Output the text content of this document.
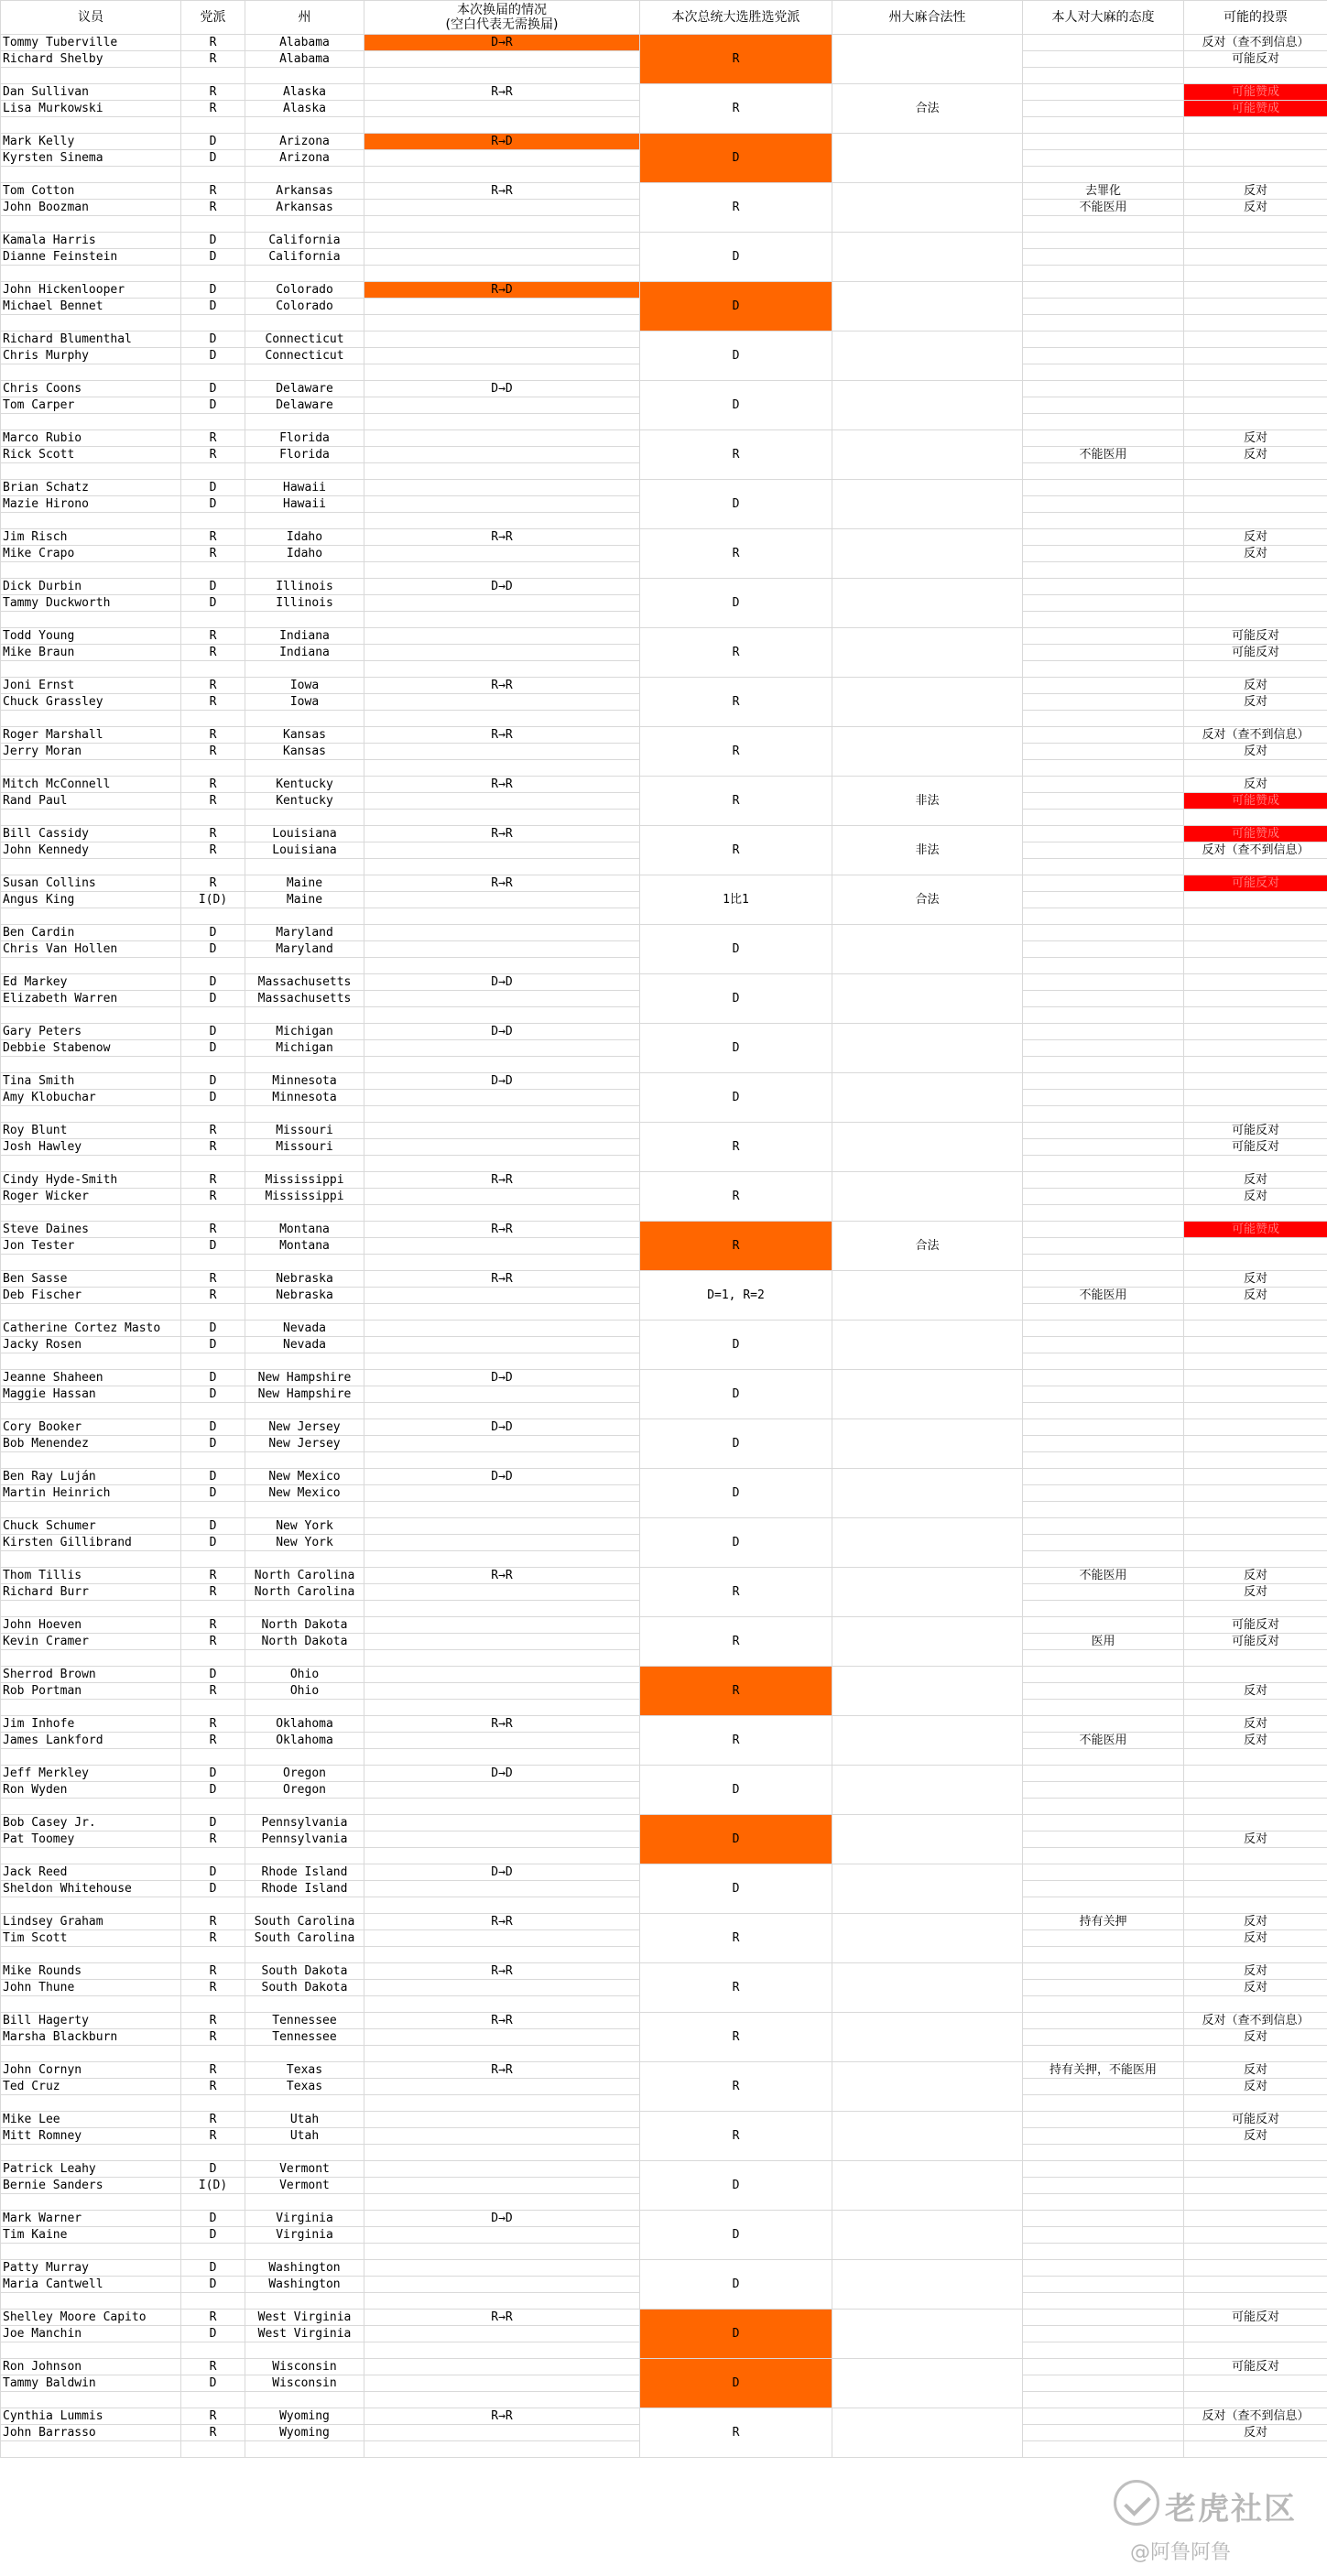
议员	党派	州	本次换届的情况
(空白代表无需换届)	本次总统大选胜选党派	州大麻合法性	本人对大麻的态度	可能的投票
Tommy Tuberville	R	Alabama	D→R	R			反对（查不到信息）
Richard Shelby	R	Alabama					可能反对

Dan Sullivan	R	Alaska	R→R	R	合法		可能赞成
Lisa Murkowski	R	Alaska					可能赞成

Mark Kelly	D	Arizona	R→D	D			
Kyrsten Sinema	D	Arizona					

Tom Cotton	R	Arkansas	R→R	R		去罪化	反对
John Boozman	R	Arkansas				不能医用	反对

Kamala Harris	D	California		D			
Dianne Feinstein	D	California					

John Hickenlooper	D	Colorado	R→D	D			
Michael Bennet	D	Colorado					

Richard Blumenthal	D	Connecticut		D			
Chris Murphy	D	Connecticut					

Chris Coons	D	Delaware	D→D	D			
Tom Carper	D	Delaware					

Marco Rubio	R	Florida		R			反对
Rick Scott	R	Florida				不能医用	反对

Brian Schatz	D	Hawaii		D			
Mazie Hirono	D	Hawaii					

Jim Risch	R	Idaho	R→R	R			反对
Mike Crapo	R	Idaho					反对

Dick Durbin	D	Illinois	D→D	D			
Tammy Duckworth	D	Illinois					

Todd Young	R	Indiana		R			可能反对
Mike Braun	R	Indiana					可能反对

Joni Ernst	R	Iowa	R→R	R			反对
Chuck Grassley	R	Iowa					反对

Roger Marshall	R	Kansas	R→R	R			反对（查不到信息）
Jerry Moran	R	Kansas					反对

Mitch McConnell	R	Kentucky	R→R	R	非法		反对
Rand Paul	R	Kentucky					可能赞成

Bill Cassidy	R	Louisiana	R→R	R	非法		可能赞成
John Kennedy	R	Louisiana					反对（查不到信息）

Susan Collins	R	Maine	R→R	1比1	合法		可能反对
Angus King	I(D)	Maine					

Ben Cardin	D	Maryland		D			
Chris Van Hollen	D	Maryland					

Ed Markey	D	Massachusetts	D→D	D			
Elizabeth Warren	D	Massachusetts					

Gary Peters	D	Michigan	D→D	D			
Debbie Stabenow	D	Michigan					

Tina Smith	D	Minnesota	D→D	D			
Amy Klobuchar	D	Minnesota					

Roy Blunt	R	Missouri		R			可能反对
Josh Hawley	R	Missouri					可能反对

Cindy Hyde-Smith	R	Mississippi	R→R	R			反对
Roger Wicker	R	Mississippi					反对

Steve Daines	R	Montana	R→R	R	合法		可能赞成
Jon Tester	D	Montana					

Ben Sasse	R	Nebraska	R→R	D=1, R=2			反对
Deb Fischer	R	Nebraska				不能医用	反对

Catherine Cortez Masto	D	Nevada		D			
Jacky Rosen	D	Nevada					

Jeanne Shaheen	D	New Hampshire	D→D	D			
Maggie Hassan	D	New Hampshire					

Cory Booker	D	New Jersey	D→D	D			
Bob Menendez	D	New Jersey					

Ben Ray Luján	D	New Mexico	D→D	D			
Martin Heinrich	D	New Mexico					

Chuck Schumer	D	New York		D			
Kirsten Gillibrand	D	New York					

Thom Tillis	R	North Carolina	R→R	R		不能医用	反对
Richard Burr	R	North Carolina					反对

John Hoeven	R	North Dakota		R			可能反对
Kevin Cramer	R	North Dakota				医用	可能反对

Sherrod Brown	D	Ohio		R			
Rob Portman	R	Ohio					反对

Jim Inhofe	R	Oklahoma	R→R	R			反对
James Lankford	R	Oklahoma				不能医用	反对

Jeff Merkley	D	Oregon	D→D	D			
Ron Wyden	D	Oregon					

Bob Casey Jr.	D	Pennsylvania		D			
Pat Toomey	R	Pennsylvania					反对

Jack Reed	D	Rhode Island	D→D	D			
Sheldon Whitehouse	D	Rhode Island					

Lindsey Graham	R	South Carolina	R→R	R		持有关押	反对
Tim Scott	R	South Carolina					反对

Mike Rounds	R	South Dakota	R→R	R			反对
John Thune	R	South Dakota					反对

Bill Hagerty	R	Tennessee	R→R	R			反对（查不到信息）
Marsha Blackburn	R	Tennessee					反对

John Cornyn	R	Texas	R→R	R		持有关押，不能医用	反对
Ted Cruz	R	Texas					反对

Mike Lee	R	Utah		R			可能反对
Mitt Romney	R	Utah					反对

Patrick Leahy	D	Vermont		D			
Bernie Sanders	I(D)	Vermont					

Mark Warner	D	Virginia	D→D	D			
Tim Kaine	D	Virginia					

Patty Murray	D	Washington		D			
Maria Cantwell	D	Washington					

Shelley Moore Capito	R	West Virginia	R→R	D			可能反对
Joe Manchin	D	West Virginia					

Ron Johnson	R	Wisconsin		D			可能反对
Tammy Baldwin	D	Wisconsin					

Cynthia Lummis	R	Wyoming	R→R	R			反对（查不到信息）
John Barrasso	R	Wyoming					反对

老虎社区
@阿鲁阿鲁
